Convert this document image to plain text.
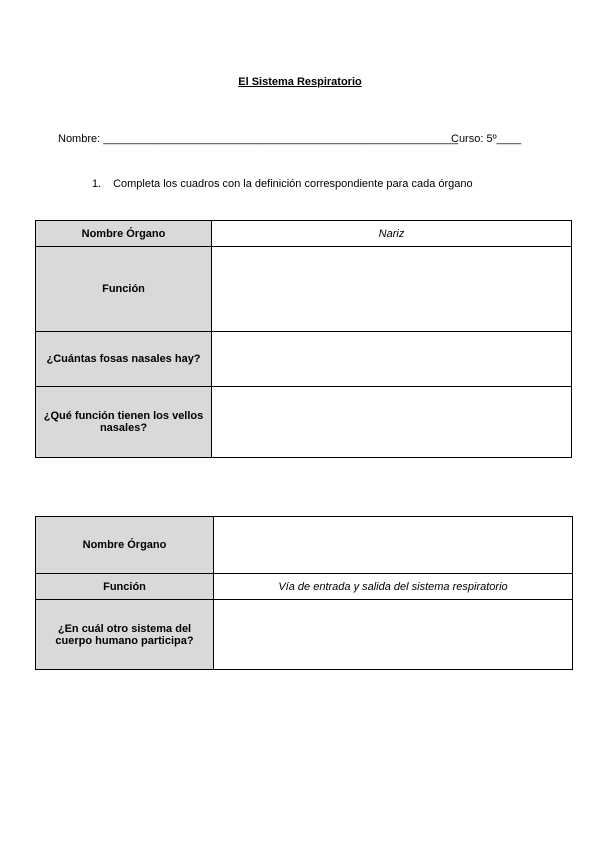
El Sistema Respiratorio
Nombre: __________________________________________________________
Curso: 5º____
1. Completa los cuadros con la definición correspondiente para cada órgano
Nombre Órgano	Nariz
Función	
¿Cuántas fosas nasales hay?	
¿Qué función tienen los vellos nasales?	
Nombre Órgano	
Función	Vía de entrada y salida del sistema respiratorio
¿En cuál otro sistema del cuerpo humano participa?	
